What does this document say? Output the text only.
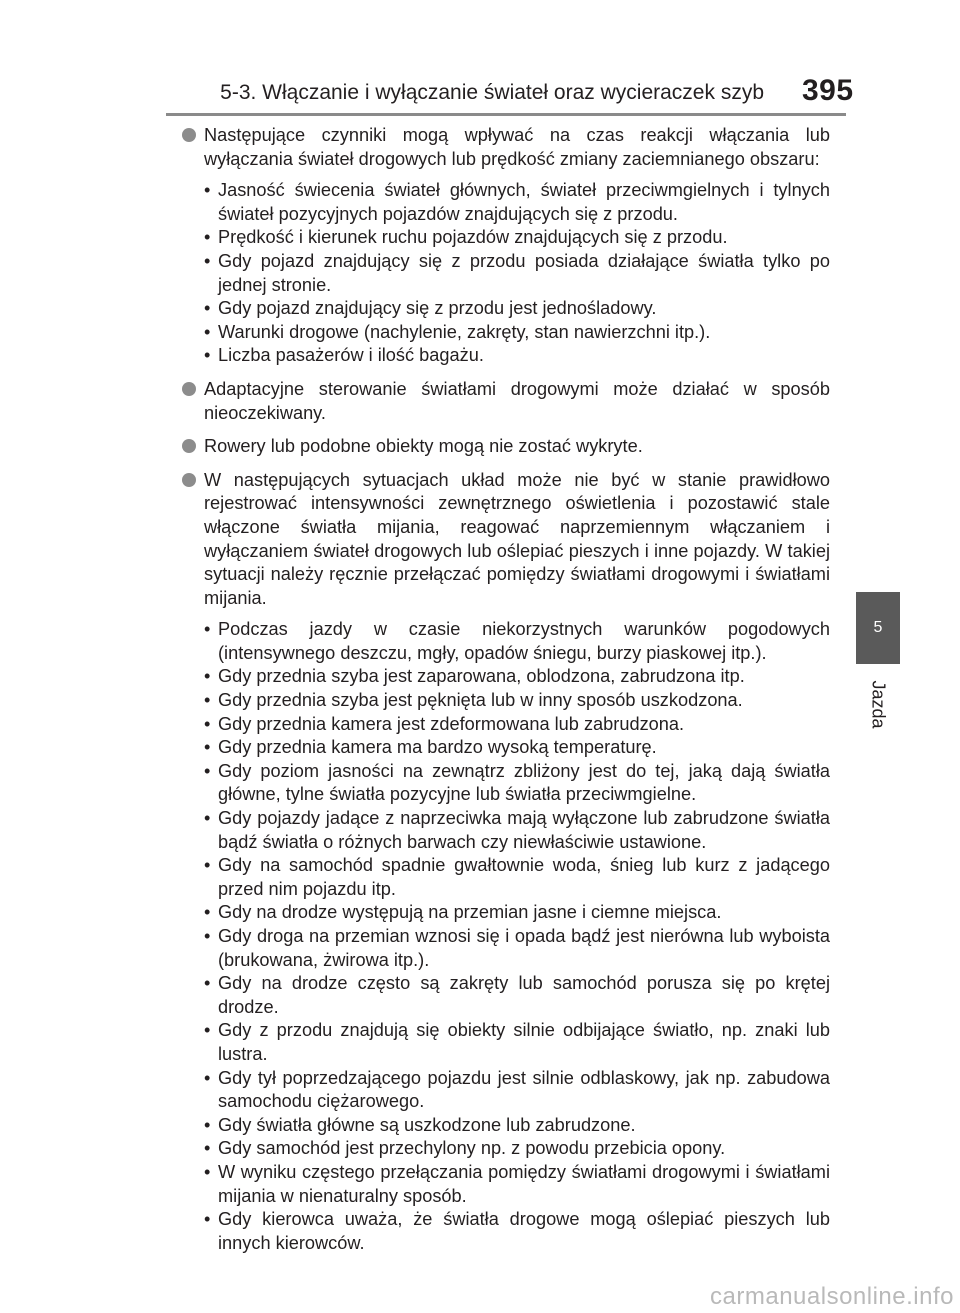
5-3. Włączanie i wyłączanie świateł oraz wycieraczek szyb 395
5
Jazda

Następujące czynniki mogą wpływać na czas reakcji włączania lub wyłączania świateł drogowych lub prędkość zmiany zaciemnianego obszaru:

• Jasność świecenia świateł głównych, świateł przeciwmgielnych i tylnych świateł pozycyjnych pojazdów znajdujących się z przodu.
• Prędkość i kierunek ruchu pojazdów znajdujących się z przodu.
• Gdy pojazd znajdujący się z przodu posiada działające światła tylko po jednej stronie.
• Gdy pojazd znajdujący się z przodu jest jednośladowy.
• Warunki drogowe (nachylenie, zakręty, stan nawierzchni itp.).
• Liczba pasażerów i ilość bagażu.

Adaptacyjne sterowanie światłami drogowymi może działać w sposób nieoczekiwany.

Rowery lub podobne obiekty mogą nie zostać wykryte.

W następujących sytuacjach układ może nie być w stanie prawidłowo rejestrować intensywności zewnętrznego oświetlenia i pozostawić stale włączone światła mijania, reagować naprzemiennym włączaniem i wyłączaniem świateł drogowych lub oślepiać pieszych i inne pojazdy. W takiej sytuacji należy ręcznie przełączać pomiędzy światłami drogowymi i światłami mijania.

• Podczas jazdy w czasie niekorzystnych warunków pogodowych (intensywnego deszczu, mgły, opadów śniegu, burzy piaskowej itp.).
• Gdy przednia szyba jest zaparowana, oblodzona, zabrudzona itp.
• Gdy przednia szyba jest pęknięta lub w inny sposób uszkodzona.
• Gdy przednia kamera jest zdeformowana lub zabrudzona.
• Gdy przednia kamera ma bardzo wysoką temperaturę.
• Gdy poziom jasności na zewnątrz zbliżony jest do tej, jaką dają światła główne, tylne światła pozycyjne lub światła przeciwmgielne.
• Gdy pojazdy jadące z naprzeciwka mają wyłączone lub zabrudzone światła bądź światła o różnych barwach czy niewłaściwie ustawione.
• Gdy na samochód spadnie gwałtownie woda, śnieg lub kurz z jadącego przed nim pojazdu itp.
• Gdy na drodze występują na przemian jasne i ciemne miejsca.
• Gdy droga na przemian wznosi się i opada bądź jest nierówna lub wyboista (brukowana, żwirowa itp.).
• Gdy na drodze często są zakręty lub samochód porusza się po krętej drodze.
• Gdy z przodu znajdują się obiekty silnie odbijające światło, np. znaki lub lustra.
• Gdy tył poprzedzającego pojazdu jest silnie odblaskowy, jak np. zabudowa samochodu ciężarowego.
• Gdy światła główne są uszkodzone lub zabrudzone.
• Gdy samochód jest przechylony np. z powodu przebicia opony.
• W wyniku częstego przełączania pomiędzy światłami drogowymi i światłami mijania w nienaturalny sposób.
• Gdy kierowca uważa, że światła drogowe mogą oślepiać pieszych lub innych kierowców.
carmanualsonline.info
